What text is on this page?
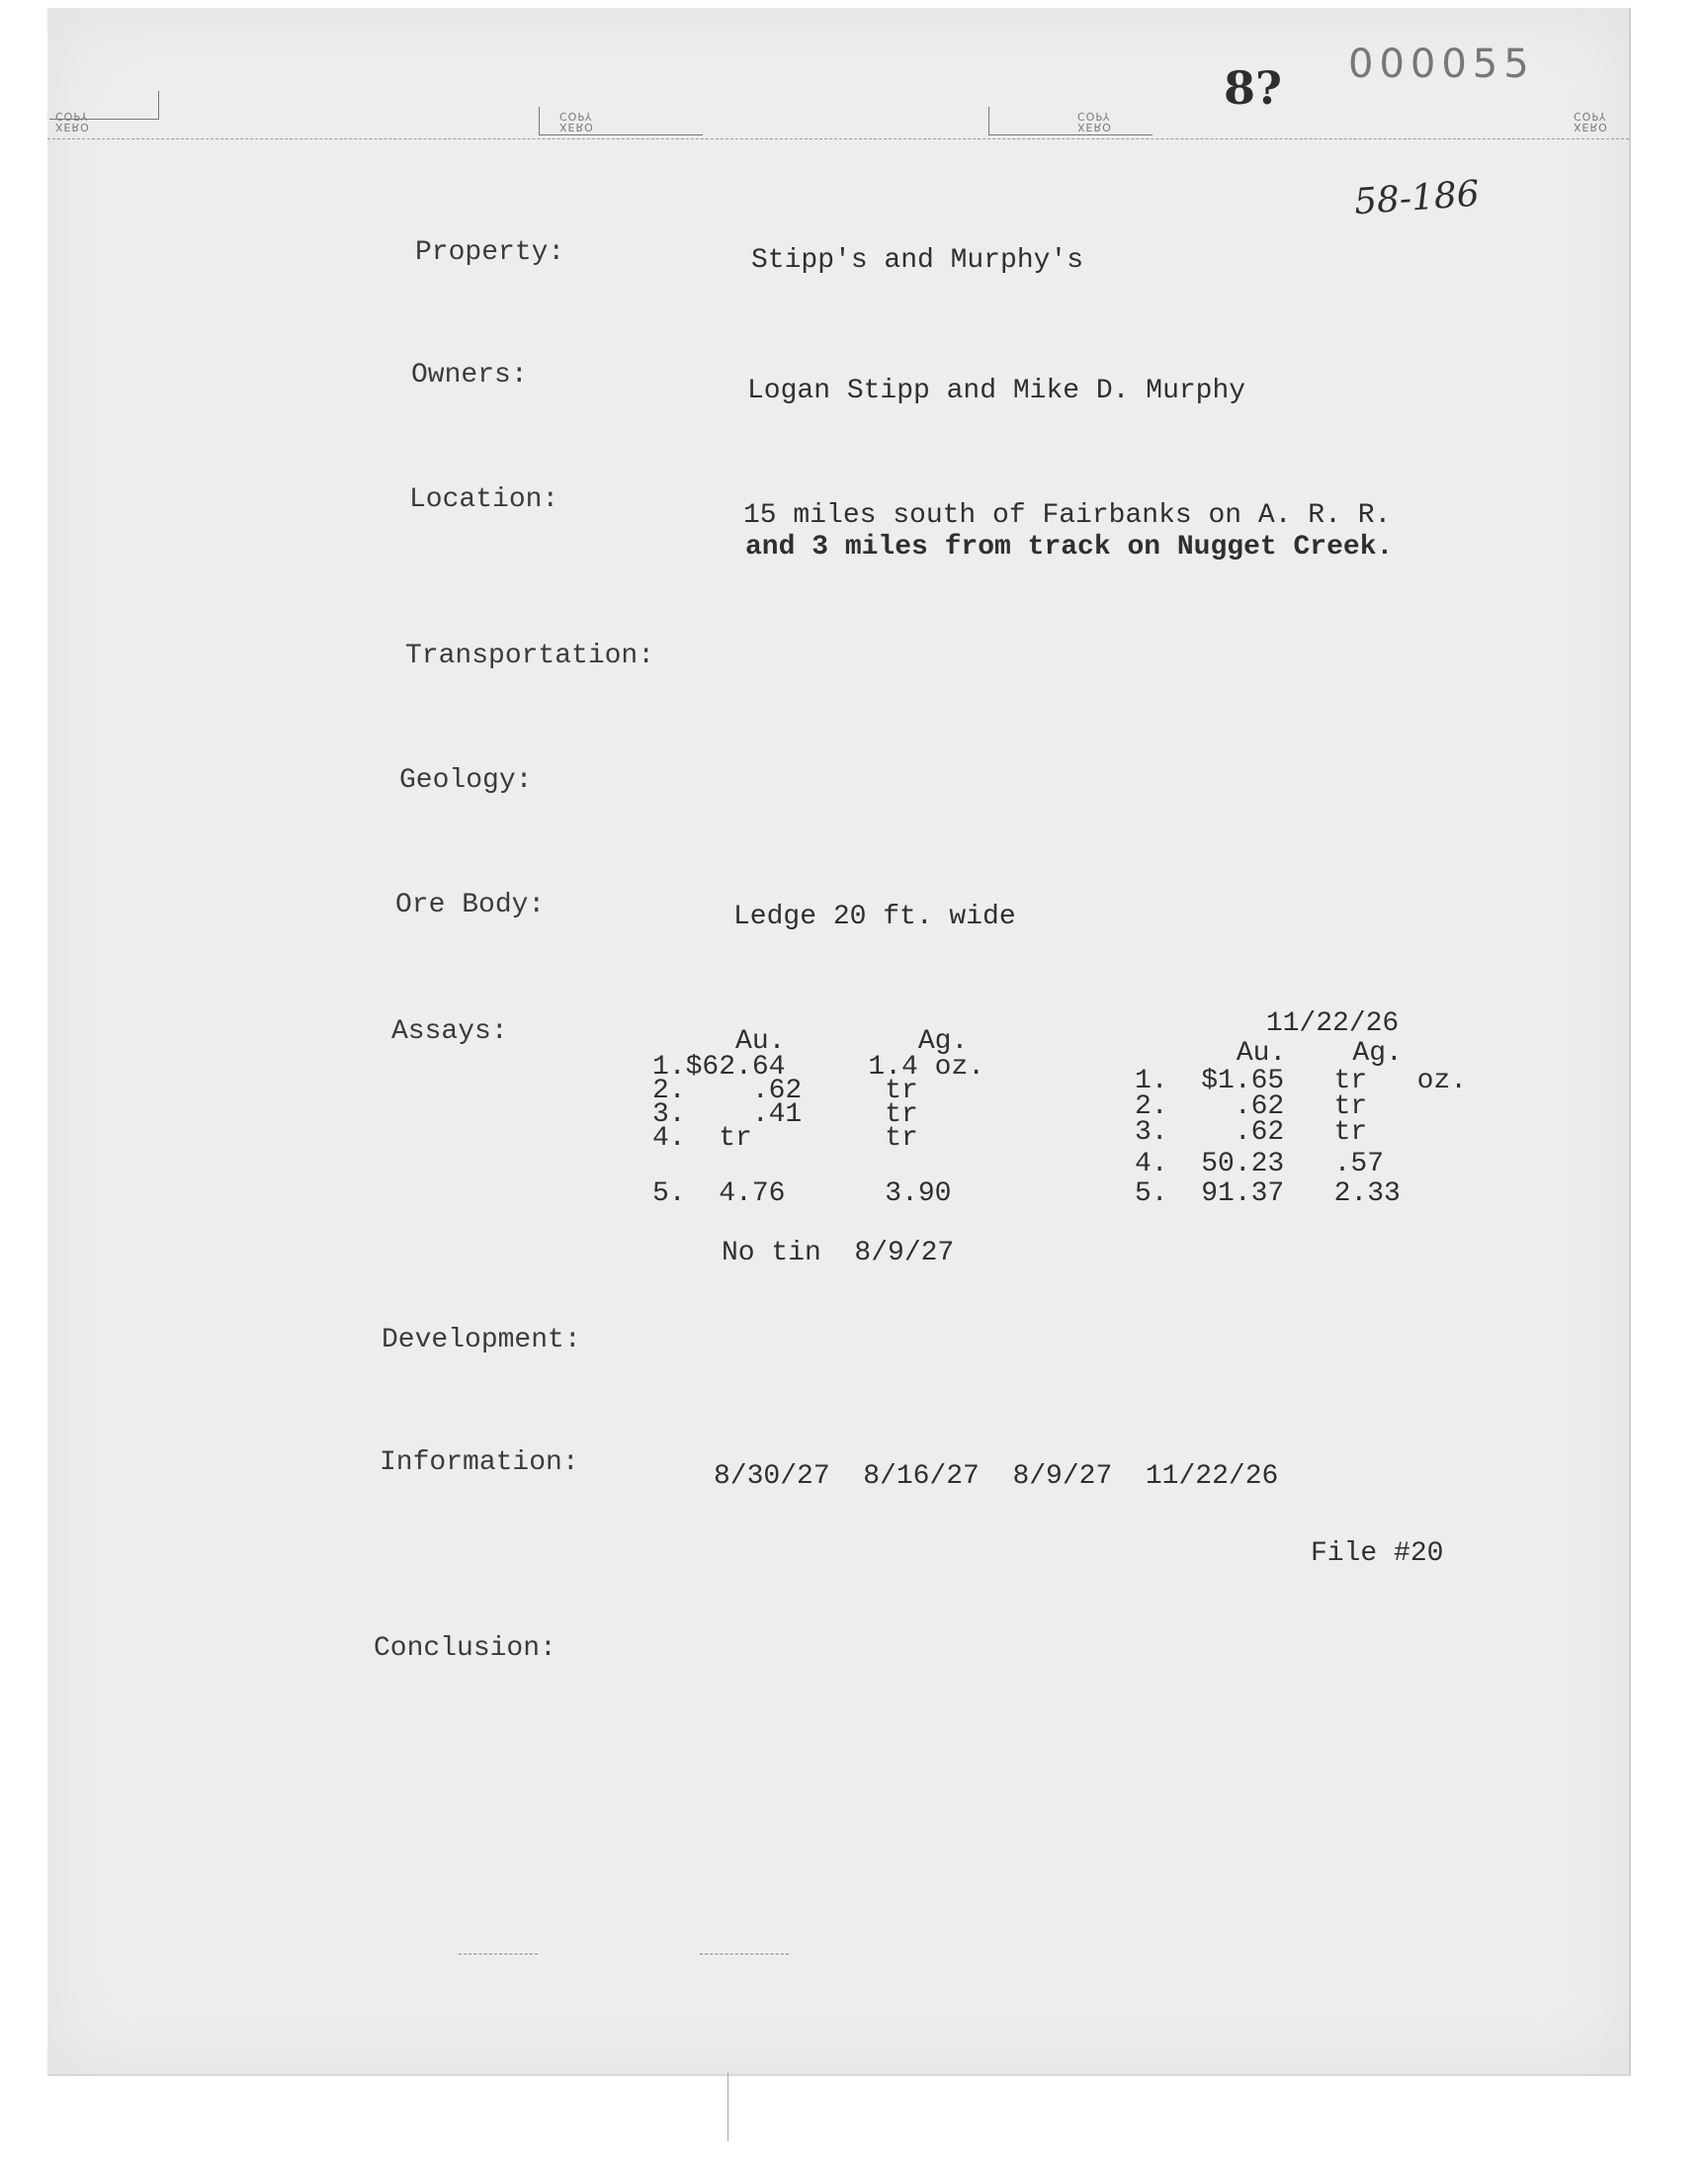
COPY
XERO
COPY
XERO
COPY
XERO
COPY
XERO
000055
8?
58-186
Property:	Stipp's and Murphy's
Owners:
Logan Stipp and Mike D. Murphy
Location:
15 miles south of Fairbanks on A. R. R.
and 3 miles from track on Nugget Creek.
Transportation:
Geology:
Ore Body:	Ledge 20 ft. wide
Assays:	Au.        Ag.
1.$62.64     1.4 oz.
2.    .62     tr
3.    .41     tr
4.  tr        tr
5.  4.76      3.90
No tin  8/9/27
11/22/26
Au.    Ag.
1.  $1.65   tr   oz.
2.    .62   tr
3.    .62   tr
4.  50.23   .57
5.  91.37   2.33
Development:
Information:	8/30/27  8/16/27  8/9/27  11/22/26
File #20
Conclusion:
